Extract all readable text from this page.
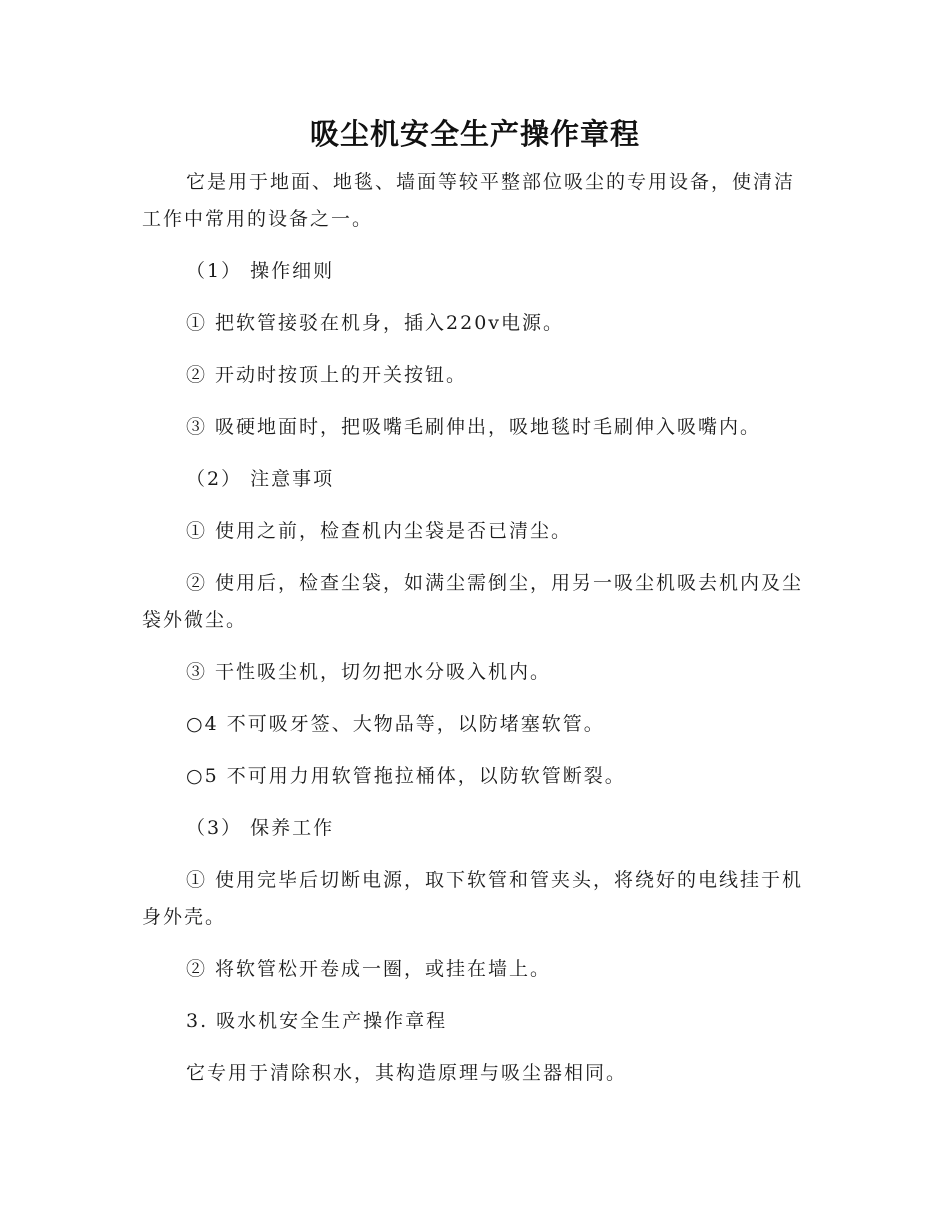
吸尘机安全生产操作章程

它是用于地面、地毯、墙面等较平整部位吸尘的专用设备，使清洁工作中常用的设备之一。

（1） 操作细则

① 把软管接驳在机身，插入220v电源。

② 开动时按顶上的开关按钮。

③ 吸硬地面时，把吸嘴毛刷伸出，吸地毯时毛刷伸入吸嘴内。

（2） 注意事项

① 使用之前，检查机内尘袋是否已清尘。

② 使用后，检查尘袋，如满尘需倒尘，用另一吸尘机吸去机内及尘袋外微尘。

③ 干性吸尘机，切勿把水分吸入机内。

○4 不可吸牙签、大物品等，以防堵塞软管。

○5 不可用力用软管拖拉桶体，以防软管断裂。

（3） 保养工作

① 使用完毕后切断电源，取下软管和管夹头，将绕好的电线挂于机身外壳。

② 将软管松开卷成一圈，或挂在墙上。

3. 吸水机安全生产操作章程

它专用于清除积水，其构造原理与吸尘器相同。
